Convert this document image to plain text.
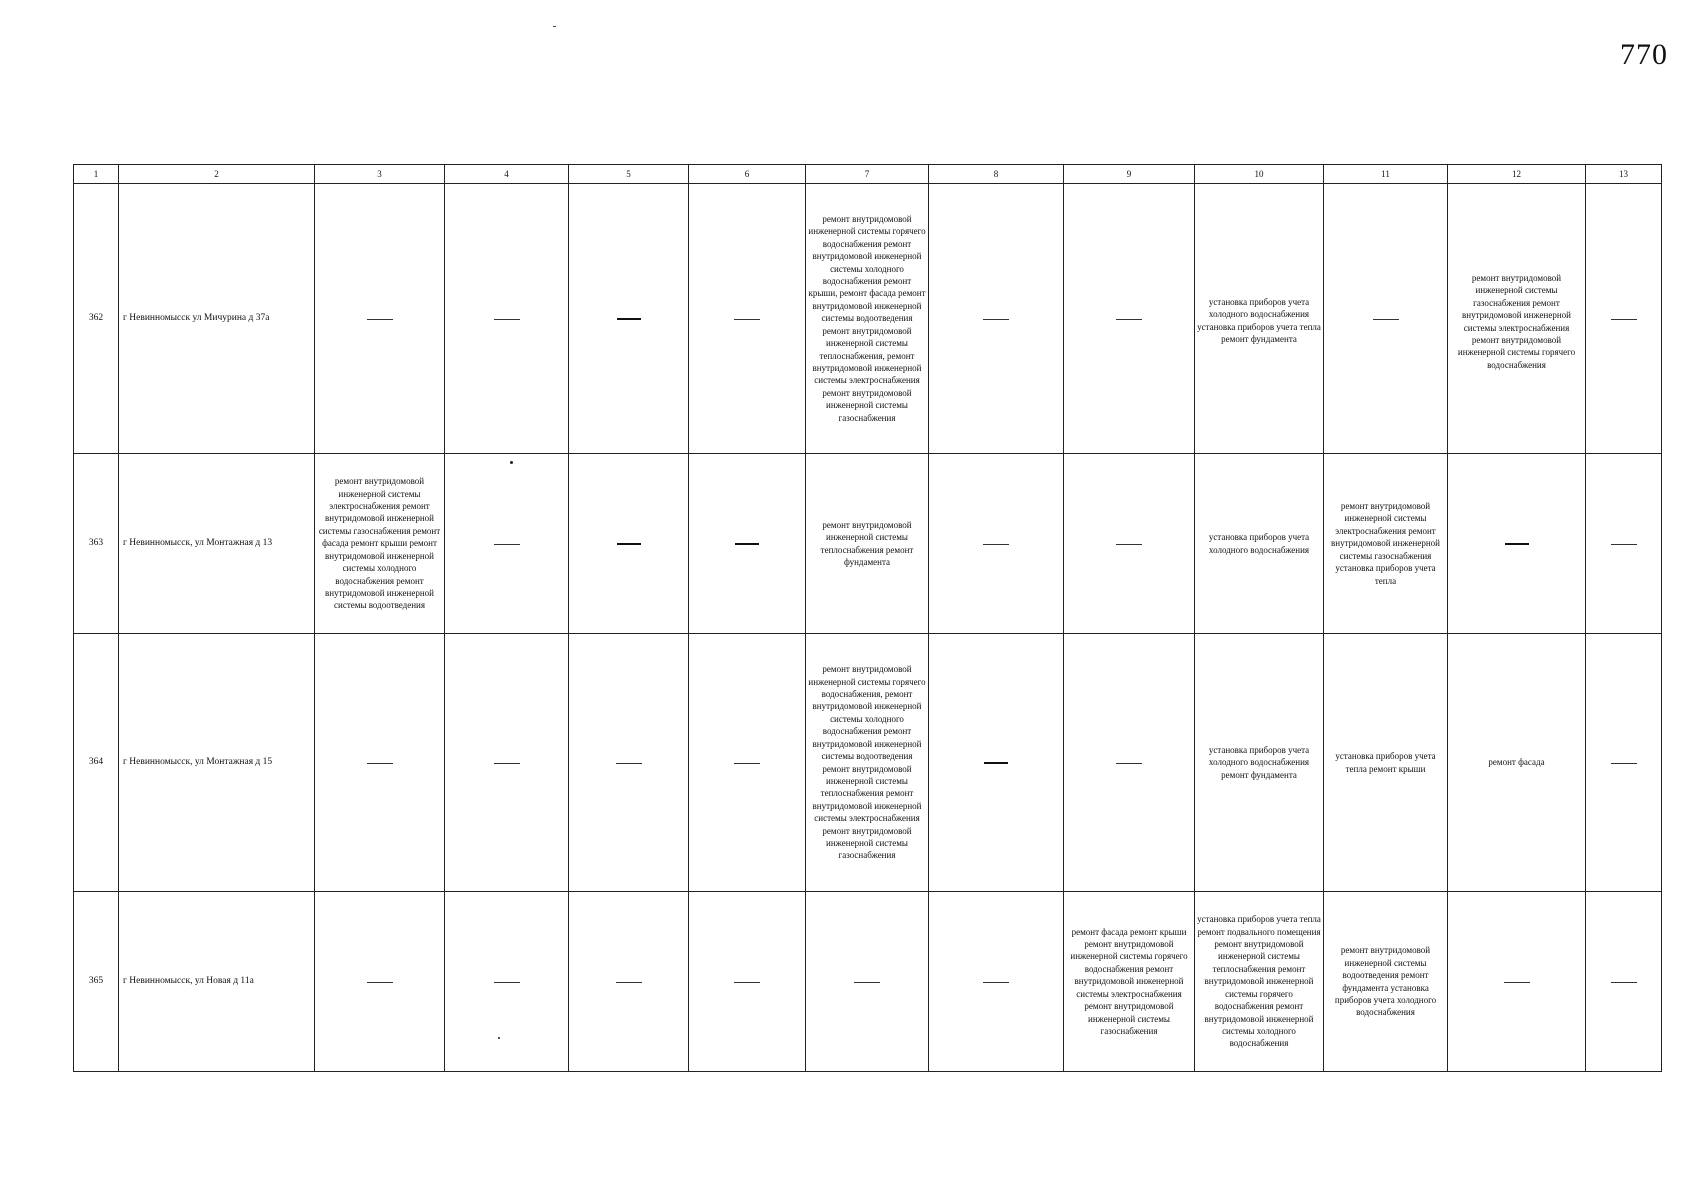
770
1	2	3	4	5	6	7	8	9	10	11	12	13
362	г Невинномысск ул Мичурина д 37а					ремонт внутридомовой инженерной системы горячего водоснабжения ремонт внутридомовой инженерной системы холодного водоснабжения ремонт крыши, ремонт фасада ремонт внутридомовой инженерной системы водоотведения ремонт внутридомовой инженерной системы теплоснабжения, ремонт внутридомовой инженерной системы электроснабжения ремонт внутридомовой инженерной системы газоснабжения			установка приборов учета холодного водоснабжения установка приборов учета тепла ремонт фундамента		ремонт внутридомовой инженерной системы газоснабжения ремонт внутридомовой инженерной системы электроснабжения ремонт внутридомовой инженерной системы горячего водоснабжения	

363	г Невинномысск, ул Монтажная д 13	ремонт внутридомовой инженерной системы электроснабжения ремонт внутридомовой инженерной системы газоснабжения ремонт фасада ремонт крыши ремонт внутридомовой инженерной системы холодного водоснабжения ремонт внутридомовой инженерной системы водоотведения				ремонт внутридомовой инженерной системы теплоснабжения ремонт фундамента			установка приборов учета холодного водоснабжения	ремонт внутридомовой инженерной системы электроснабжения ремонт внутридомовой инженерной системы газоснабжения установка приборов учета тепла		

364	г Невинномысск, ул Монтажная д 15					ремонт внутридомовой инженерной системы горячего водоснабжения, ремонт внутридомовой инженерной системы холодного водоснабжения ремонт внутридомовой инженерной системы водоотведения ремонт внутридомовой инженерной системы теплоснабжения ремонт внутридомовой инженерной системы электроснабжения ремонт внутридомовой инженерной системы газоснабжения			установка приборов учета холодного водоснабжения ремонт фундамента	установка приборов учета тепла ремонт крыши	ремонт фасада	

365	г Невинномысск, ул Новая д 11а							ремонт фасада ремонт крыши ремонт внутридомовой инженерной системы горячего водоснабжения ремонт внутридомовой инженерной системы электроснабжения ремонт внутридомовой инженерной системы газоснабжения	установка приборов учета тепла ремонт подвального помещения ремонт внутридомовой инженерной системы теплоснабжения ремонт внутридомовой инженерной системы горячего водоснабжения ремонт внутридомовой инженерной системы холодного водоснабжения	ремонт внутридомовой инженерной системы водоотведения ремонт фундамента установка приборов учета холодного водоснабжения		
